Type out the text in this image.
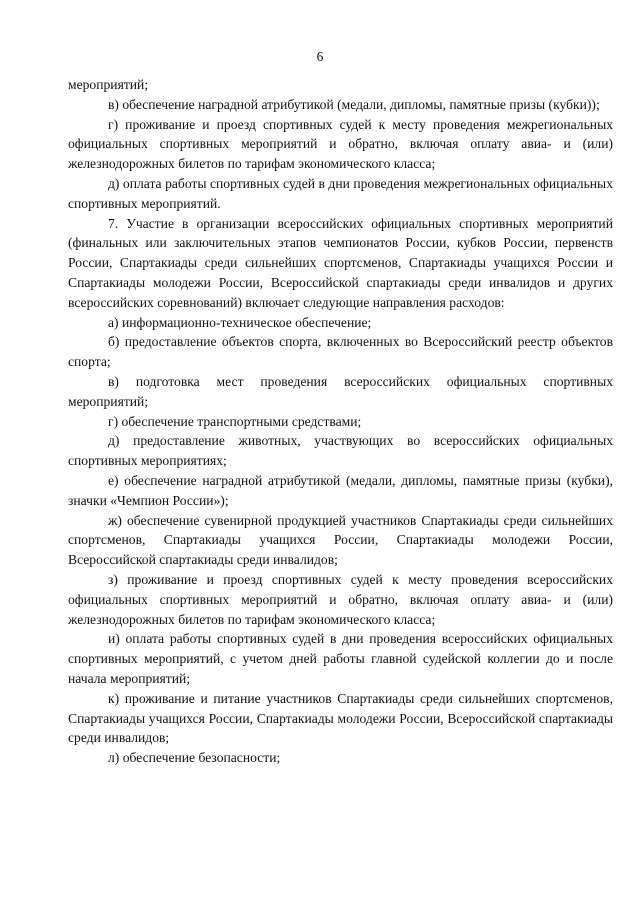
6

мероприятий;

в) обеспечение наградной атрибутикой (медали, дипломы, памятные призы (кубки));

г) проживание и проезд спортивных судей к месту проведения межрегиональных официальных спортивных мероприятий и обратно, включая оплату авиа- и (или) железнодорожных билетов по тарифам экономического класса;

д) оплата работы спортивных судей в дни проведения межрегиональных официальных спортивных мероприятий.

7. Участие в организации всероссийских официальных спортивных мероприятий (финальных или заключительных этапов чемпионатов России, кубков России, первенств России, Спартакиады среди сильнейших спортсменов, Спартакиады учащихся России и Спартакиады молодежи России, Всероссийской спартакиады среди инвалидов и других всероссийских соревнований) включает следующие направления расходов:

а) информационно-техническое обеспечение;

б) предоставление объектов спорта, включенных во Всероссийский реестр объектов спорта;

в) подготовка мест проведения всероссийских официальных спортивных мероприятий;

г) обеспечение транспортными средствами;

д) предоставление животных, участвующих во всероссийских официальных спортивных мероприятиях;

е) обеспечение наградной атрибутикой (медали, дипломы, памятные призы (кубки), значки «Чемпион России»);

ж) обеспечение сувенирной продукцией участников Спартакиады среди сильнейших спортсменов, Спартакиады учащихся России, Спартакиады молодежи России, Всероссийской спартакиады среди инвалидов;

з) проживание и проезд спортивных судей к месту проведения всероссийских официальных спортивных мероприятий и обратно, включая оплату авиа- и (или) железнодорожных билетов по тарифам экономического класса;

и) оплата работы спортивных судей в дни проведения всероссийских официальных спортивных мероприятий, с учетом дней работы главной судейской коллегии до и после начала мероприятий;

к) проживание и питание участников Спартакиады среди сильнейших спортсменов, Спартакиады учащихся России, Спартакиады молодежи России, Всероссийской спартакиады среди инвалидов;

л) обеспечение безопасности;
